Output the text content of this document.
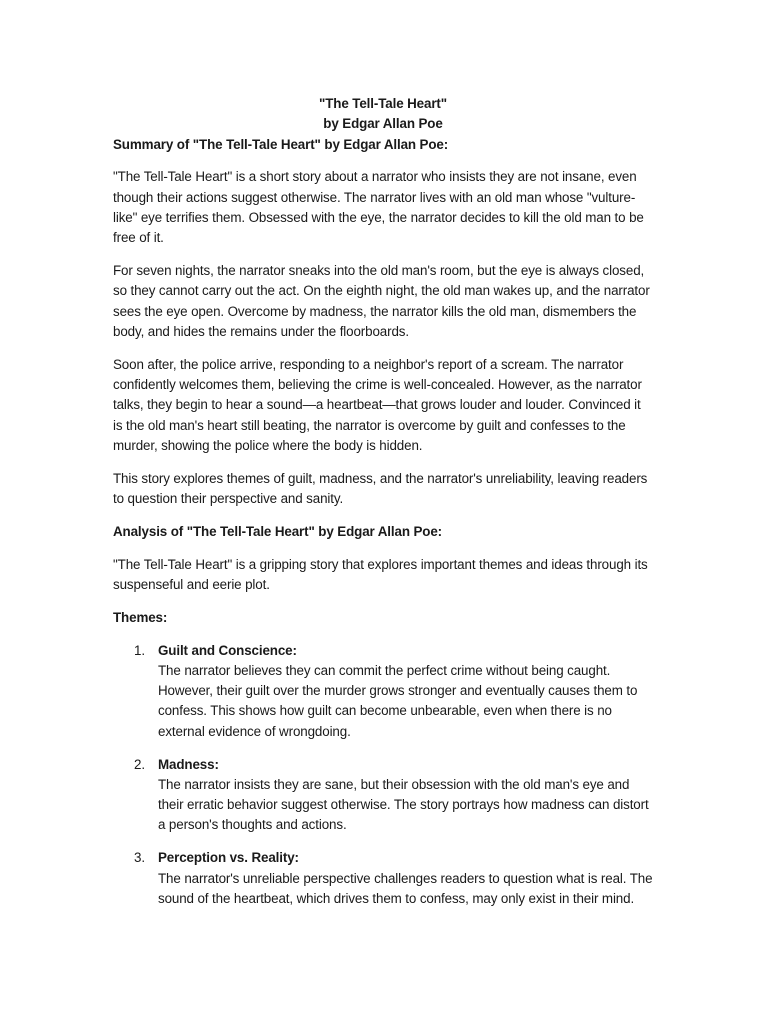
"The Tell-Tale Heart"
by Edgar Allan Poe

Summary of "The Tell-Tale Heart" by Edgar Allan Poe:

"The Tell-Tale Heart" is a short story about a narrator who insists they are not insane, even though their actions suggest otherwise. The narrator lives with an old man whose "vulture-like" eye terrifies them. Obsessed with the eye, the narrator decides to kill the old man to be free of it.

For seven nights, the narrator sneaks into the old man's room, but the eye is always closed, so they cannot carry out the act. On the eighth night, the old man wakes up, and the narrator sees the eye open. Overcome by madness, the narrator kills the old man, dismembers the body, and hides the remains under the floorboards.

Soon after, the police arrive, responding to a neighbor's report of a scream. The narrator confidently welcomes them, believing the crime is well-concealed. However, as the narrator talks, they begin to hear a sound—a heartbeat—that grows louder and louder. Convinced it is the old man's heart still beating, the narrator is overcome by guilt and confesses to the murder, showing the police where the body is hidden.

This story explores themes of guilt, madness, and the narrator's unreliability, leaving readers to question their perspective and sanity.

Analysis of "The Tell-Tale Heart" by Edgar Allan Poe:

"The Tell-Tale Heart" is a gripping story that explores important themes and ideas through its suspenseful and eerie plot.

Themes:

1. Guilt and Conscience:
The narrator believes they can commit the perfect crime without being caught. However, their guilt over the murder grows stronger and eventually causes them to confess. This shows how guilt can become unbearable, even when there is no external evidence of wrongdoing.
2. Madness:
The narrator insists they are sane, but their obsession with the old man's eye and their erratic behavior suggest otherwise. The story portrays how madness can distort a person's thoughts and actions.
3. Perception vs. Reality:
The narrator's unreliable perspective challenges readers to question what is real. The sound of the heartbeat, which drives them to confess, may only exist in their mind.
